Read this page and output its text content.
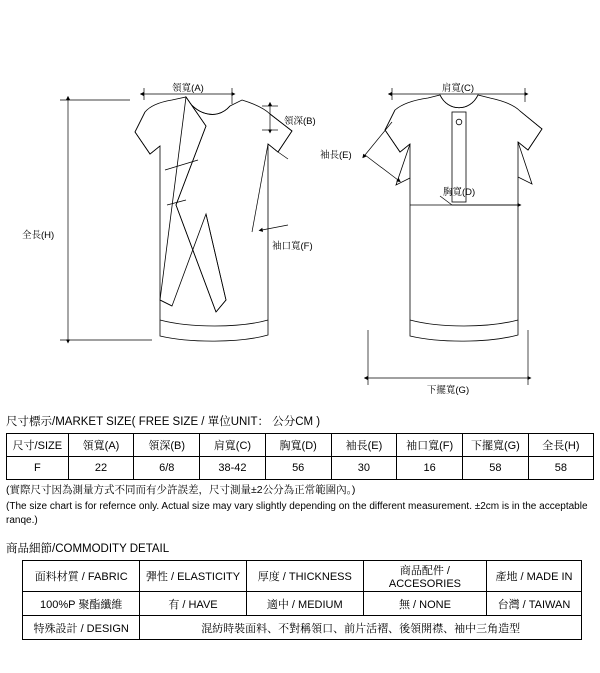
領寬(A)
領深(B)
袖口寬(F)
全長(H)
肩寬(C)
袖長(E)
胸寬(D)
下擺寬(G)
尺寸標示/MARKET SIZE( FREE SIZE / 單位UNIT： 公分CM )
尺寸/SIZE	領寬(A)	領深(B)	肩寬(C)	胸寬(D)	袖長(E)	袖口寬(F)	下擺寬(G)	全長(H)
F	22	6/8	38-42	56	30	16	58	58
(實際尺寸因為測量方式不同而有少許誤差，尺寸測量±2公分為正常範圍內。)
(The size chart is for refernce only. Actual size may vary slightly depending on the different measurement. ±2cm is in the acceptable ranqe.)
商品細節/COMMODITY DETAIL
面料材質 / FABRIC	彈性 / ELASTICITY	厚度 / THICKNESS	商品配件 / ACCESORIES	產地 / MADE IN
100%P 聚酯纖維	有 / HAVE	適中 / MEDIUM	無 / NONE	台灣 / TAIWAN
特殊設計 / DESIGN	混紡時裝面料、不對稱領口、前片活褶、後領開襟、袖中三角造型			
